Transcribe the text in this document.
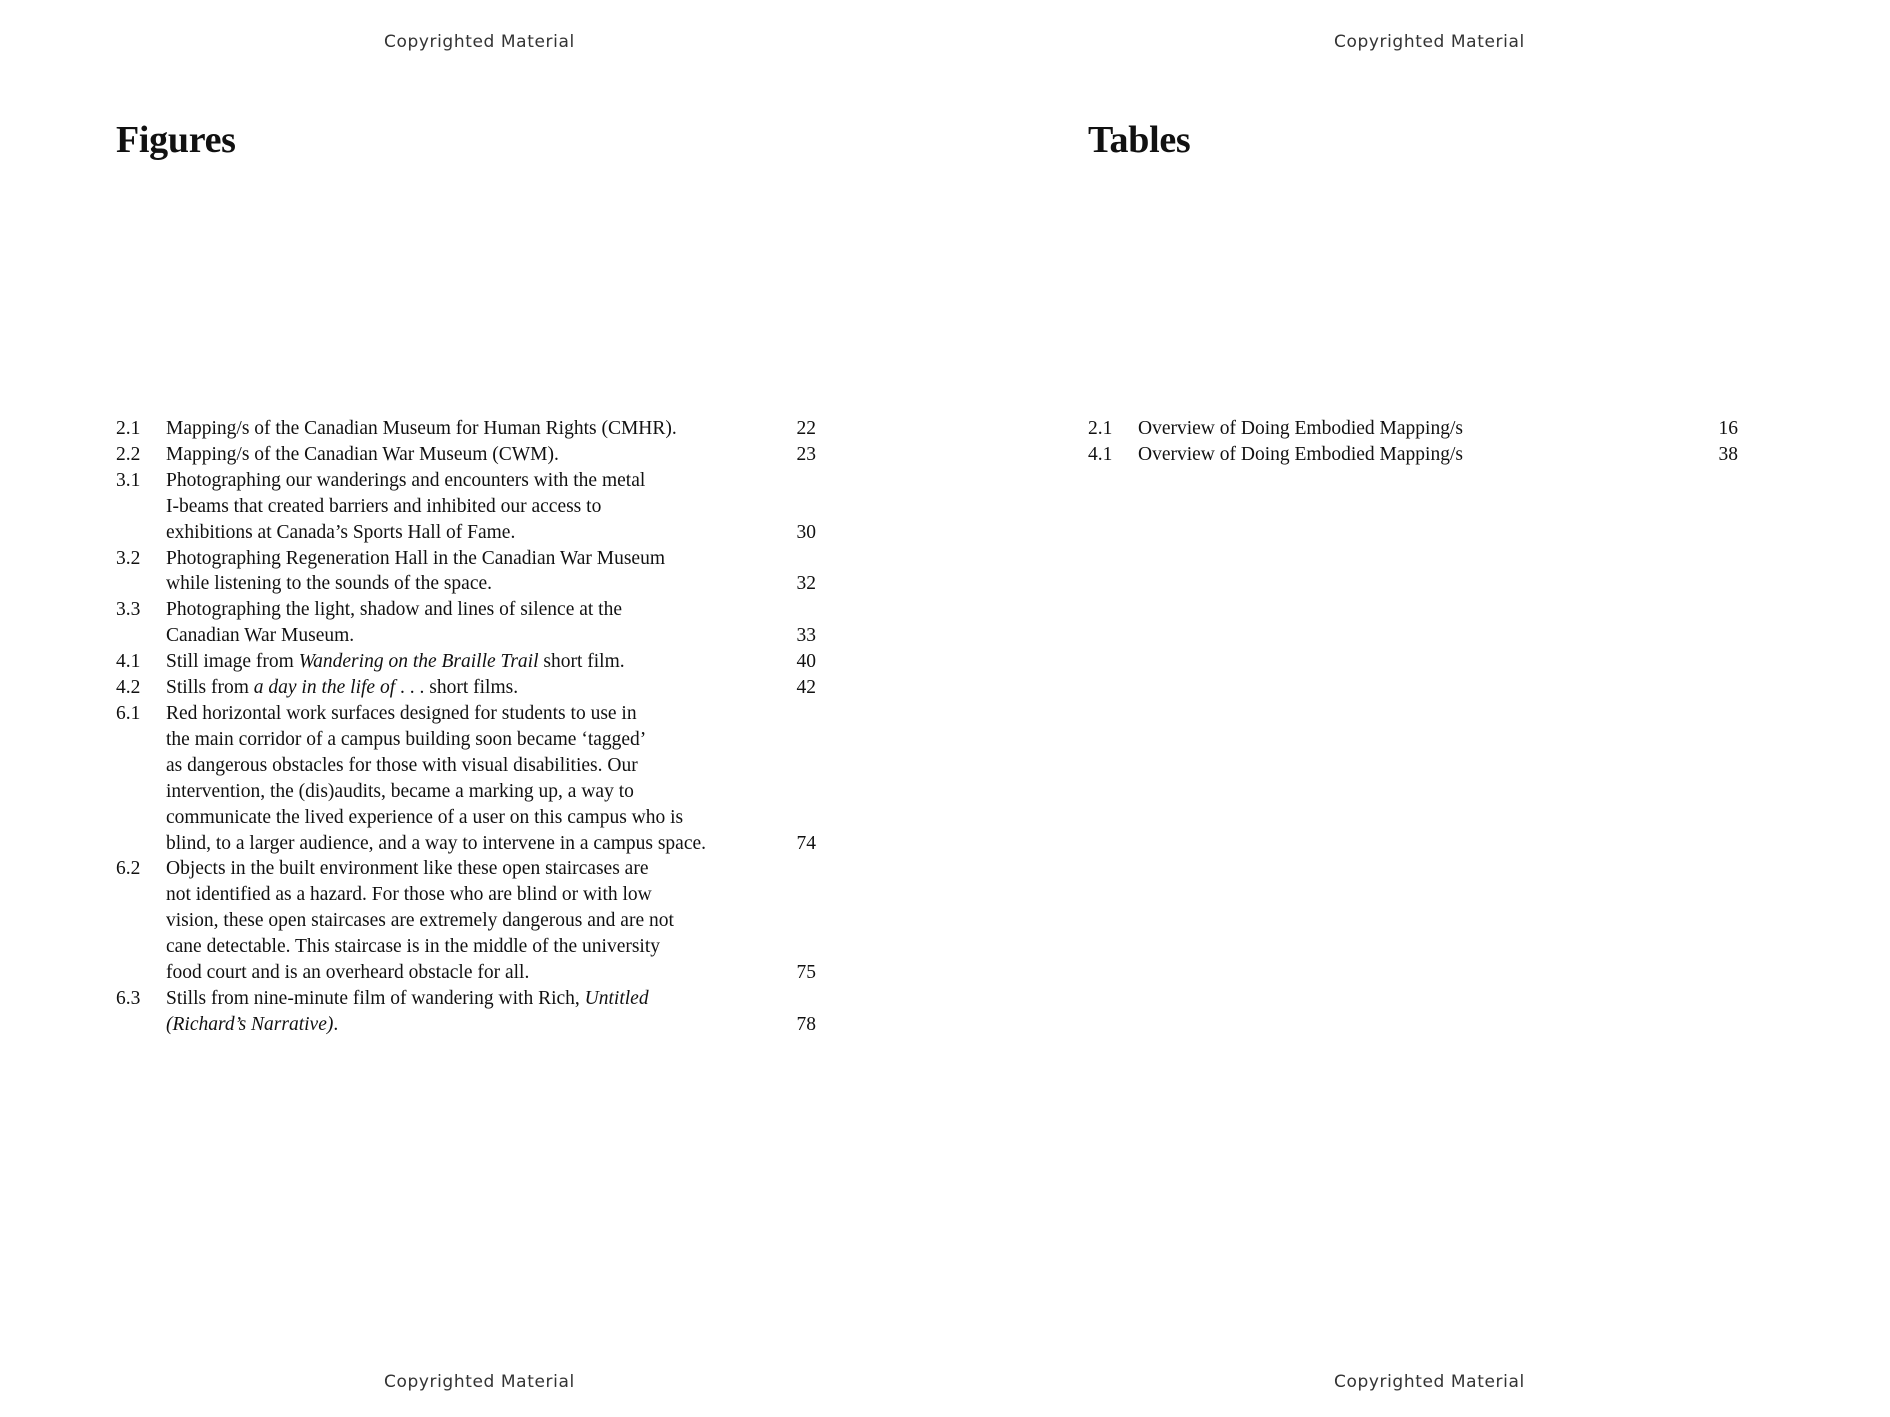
Copyrighted Material
Figures
2.1	Mapping/s of the Canadian Museum for Human Rights (CMHR).	22
2.2	Mapping/s of the Canadian War Museum (CWM).	23
3.1	Photographing our wanderings and encounters with the metal
I-beams that created barriers and inhibited our access to
exhibitions at Canada’s Sports Hall of Fame.	30
3.2	Photographing Regeneration Hall in the Canadian War Museum
while listening to the sounds of the space.	32
3.3	Photographing the light, shadow and lines of silence at the
Canadian War Museum.	33
4.1	Still image from Wandering on the Braille Trail short film.	40
4.2	Stills from a day in the life of . . . short films.	42
6.1	Red horizontal work surfaces designed for students to use in
the main corridor of a campus building soon became ‘tagged’
as dangerous obstacles for those with visual disabilities. Our
intervention, the (dis)audits, became a marking up, a way to
communicate the lived experience of a user on this campus who is
blind, to a larger audience, and a way to intervene in a campus space.	74
6.2	Objects in the built environment like these open staircases are
not identified as a hazard. For those who are blind or with low
vision, these open staircases are extremely dangerous and are not
cane detectable. This staircase is in the middle of the university
food court and is an overheard obstacle for all.	75
6.3	Stills from nine-minute film of wandering with Rich, Untitled
(Richard’s Narrative).	78
Copyrighted Material
Copyrighted Material
Tables
2.1	Overview of Doing Embodied Mapping/s	16
4.1	Overview of Doing Embodied Mapping/s	38
Copyrighted Material
